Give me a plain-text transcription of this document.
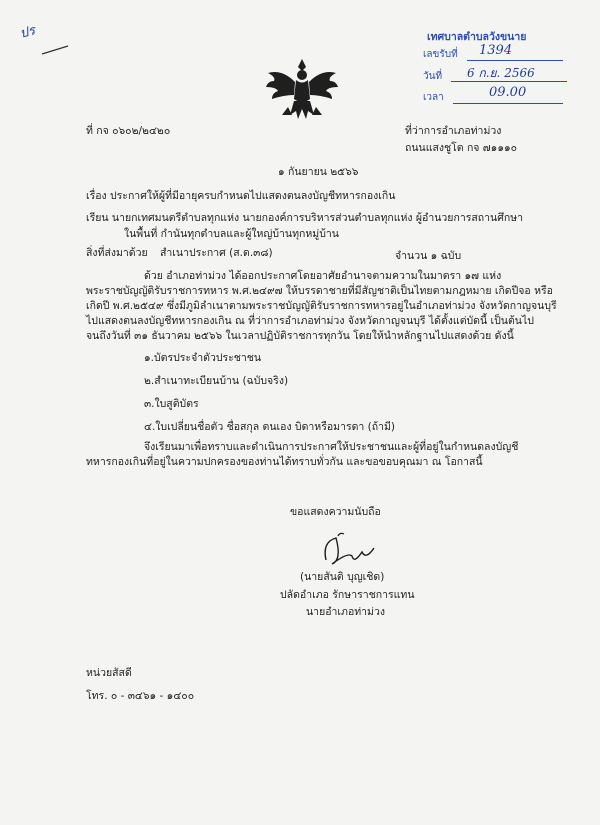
ปร	เทศบาลตำบลวังขนาย
เลขรับที่ 1394
วันที่ 6 ก.ย. 2566
เวลา	09.00
ที่ กจ ๐๖๐๒/๒๔๒๐	ที่ว่าการอำเภอท่าม่วง
ถนนแสงชูโต กจ ๗๑๑๑๐
๑ กันยายน ๒๕๖๖
เรื่อง ประกาศให้ผู้ที่มีอายุครบกำหนดไปแสดงตนลงบัญชีทหารกองเกิน
เรียน นายกเทศมนตรีตำบลทุกแห่ง นายกองค์การบริหารส่วนตำบลทุกแห่ง ผู้อำนวยการสถานศึกษา
ในพื้นที่ กำนันทุกตำบลและผู้ใหญ่บ้านทุกหมู่บ้าน
สิ่งที่ส่งมาด้วย สำเนาประกาศ (ส.ด.๓๘)	จำนวน ๑ ฉบับ
ด้วย อำเภอท่าม่วง ได้ออกประกาศโดยอาศัยอำนาจตามความในมาตรา ๑๗ แห่ง
พระราชบัญญัติรับราชการทหาร พ.ศ.๒๔๙๗ ให้บรรดาชายที่มีสัญชาติเป็นไทยตามกฎหมาย เกิดปีจอ หรือ
เกิดปี พ.ศ.๒๕๔๙ ซึ่งมีภูมิลำเนาตามพระราชบัญญัติรับราชการทหารอยู่ในอำเภอท่าม่วง จังหวัดกาญจนบุรี
ไปแสดงตนลงบัญชีทหารกองเกิน ณ ที่ว่าการอำเภอท่าม่วง จังหวัดกาญจนบุรี ได้ตั้งแต่บัดนี้ เป็นต้นไป
จนถึงวันที่ ๓๑ ธันวาคม ๒๕๖๖ ในเวลาปฏิบัติราชการทุกวัน โดยให้นำหลักฐานไปแสดงด้วย ดังนี้
๑.บัตรประจำตัวประชาชน
๒.สำเนาทะเบียนบ้าน (ฉบับจริง)
๓.ใบสูติบัตร
๔.ใบเปลี่ยนชื่อตัว ชื่อสกุล ตนเอง บิดาหรือมารดา (ถ้ามี)
จึงเรียนมาเพื่อทราบและดำเนินการประกาศให้ประชาชนและผู้ที่อยู่ในกำหนดลงบัญชี
ทหารกองเกินที่อยู่ในความปกครองของท่านได้ทราบทั่วกัน และขอขอบคุณมา ณ โอกาสนี้
ขอแสดงความนับถือ
(นายสันติ บุญเชิด)
ปลัดอำเภอ รักษาราชการแทน
นายอำเภอท่าม่วง
หน่วยสัสดี
โทร. ๐ - ๓๔๖๑ - ๑๔๐๐
